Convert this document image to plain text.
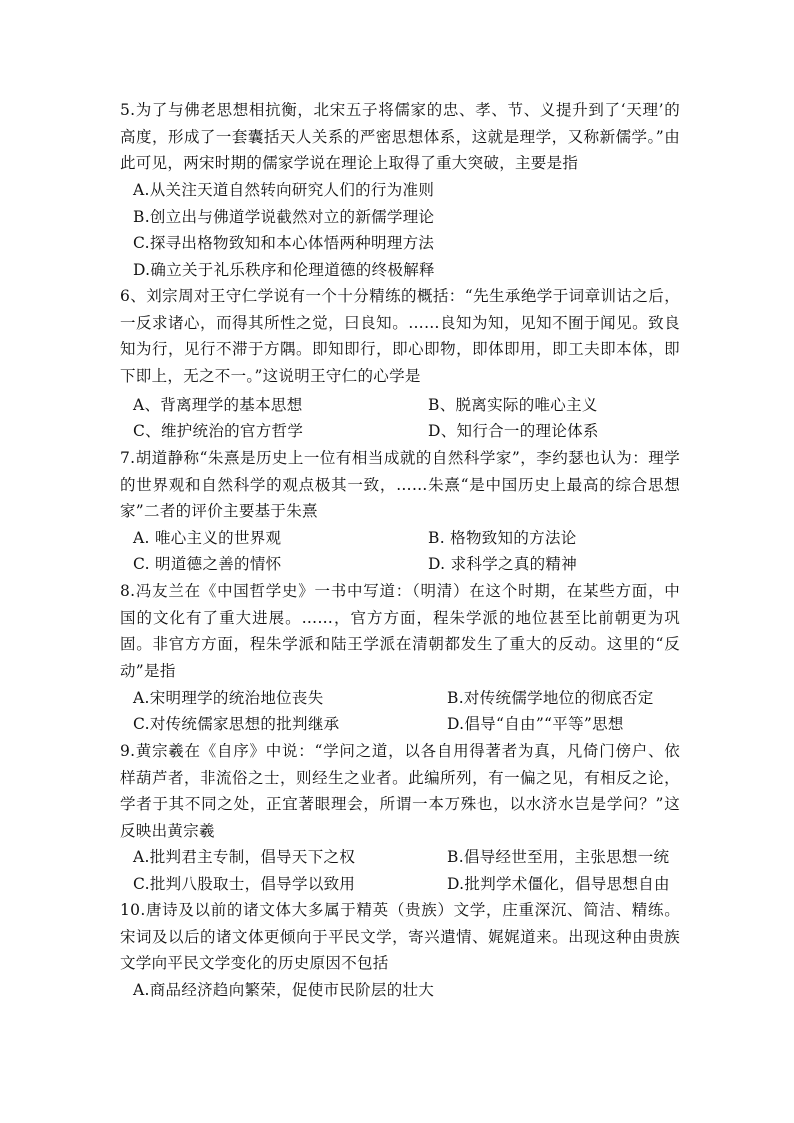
5.为了与佛老思想相抗衡，北宋五子将儒家的忠、孝、节、义提升到了‘天理’的高度，形成了一套囊括天人关系的严密思想体系，这就是理学，又称新儒学。”由此可见，两宋时期的儒家学说在理论上取得了重大突破，主要是指
A.从关注天道自然转向研究人们的行为准则
B.创立出与佛道学说截然对立的新儒学理论
C.探寻出格物致知和本心体悟两种明理方法
D.确立关于礼乐秩序和伦理道德的终极解释
6、刘宗周对王守仁学说有一个十分精练的概括：“先生承绝学于词章训诂之后，一反求诸心，而得其所性之觉，曰良知。……良知为知，见知不囿于闻见。致良知为行，见行不滞于方隅。即知即行，即心即物，即体即用，即工夫即本体，即下即上，无之不一。”这说明王守仁的心学是
A、背离理学的基本思想	B、脱离实际的唯心主义
C、维护统治的官方哲学	D、知行合一的理论体系
7.胡道静称“朱熹是历史上一位有相当成就的自然科学家”，李约瑟也认为：理学的世界观和自然科学的观点极其一致，……朱熹“是中国历史上最高的综合思想家”二者的评价主要基于朱熹
A. 唯心主义的世界观	B. 格物致知的方法论
C. 明道德之善的情怀	D. 求科学之真的精神
8.冯友兰在《中国哲学史》一书中写道：（明清）在这个时期，在某些方面，中国的文化有了重大进展。……，官方方面，程朱学派的地位甚至比前朝更为巩固。非官方方面，程朱学派和陆王学派在清朝都发生了重大的反动。这里的“反动”是指
A.宋明理学的统治地位丧失	B.对传统儒学地位的彻底否定
C.对传统儒家思想的批判继承	D.倡导“自由”“平等”思想
9.黄宗羲在《自序》中说：“学问之道，以各自用得著者为真，凡倚门傍户、依样葫芦者，非流俗之士，则经生之业者。此编所列，有一偏之见，有相反之论，学者于其不同之处，正宜著眼理会，所谓一本万殊也，以水济水岂是学问？”这反映出黄宗羲
A.批判君主专制，倡导天下之权	B.倡导经世至用，主张思想一统
C.批判八股取士，倡导学以致用	D.批判学术僵化，倡导思想自由
10.唐诗及以前的诸文体大多属于精英（贵族）文学，庄重深沉、简洁、精练。宋词及以后的诸文体更倾向于平民文学，寄兴遣情、娓娓道来。出现这种由贵族文学向平民文学变化的历史原因不包括
A.商品经济趋向繁荣，促使市民阶层的壮大
